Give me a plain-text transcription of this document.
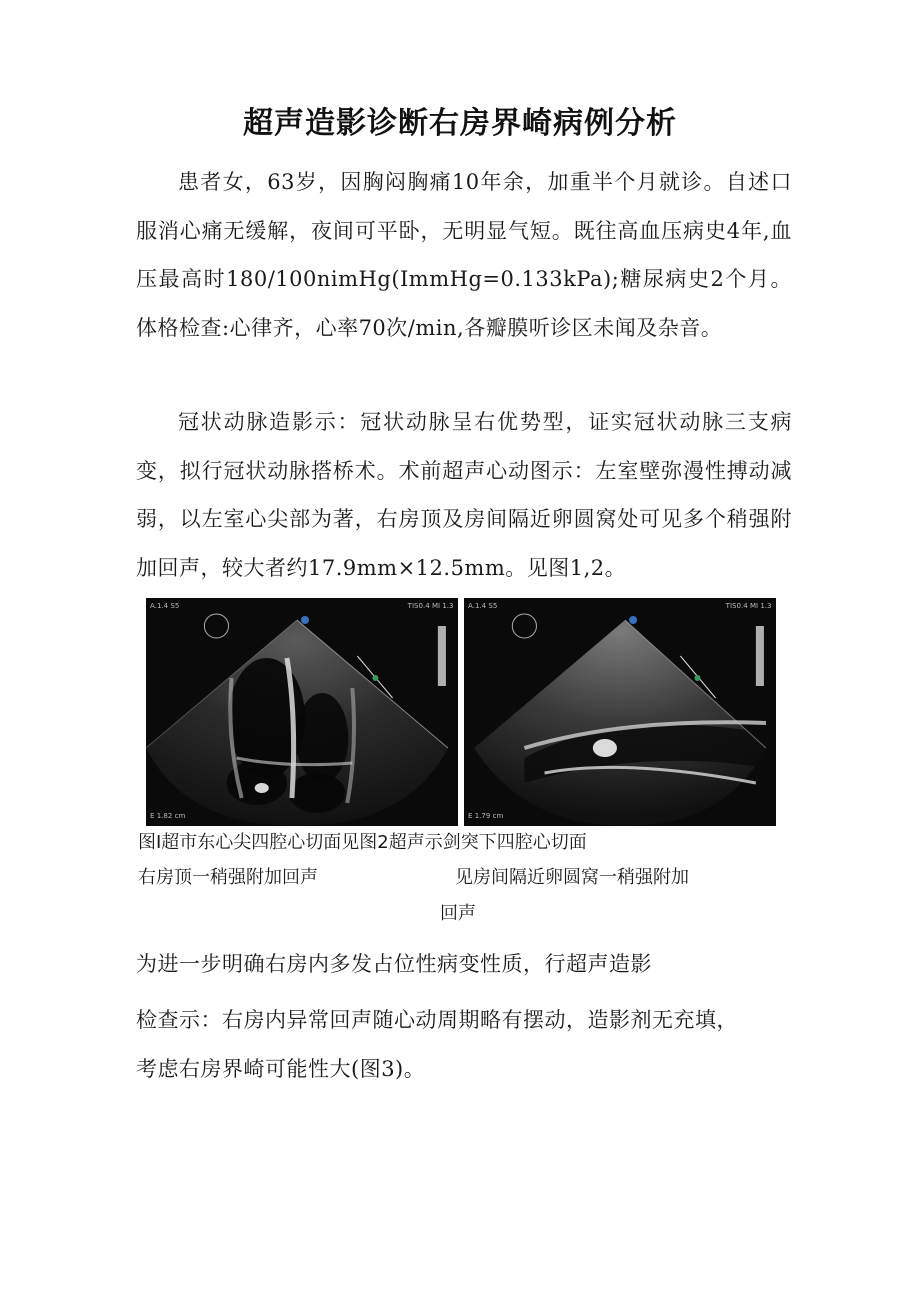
超声造影诊断右房界崎病例分析

患者女，63岁，因胸闷胸痛10年余，加重半个月就诊。自述口服消心痛无缓解，夜间可平卧，无明显气短。既往高血压病史4年,血压最高时180/100nimHg(ImmHg=0.133kPa);糖尿病史2个月。体格检查:心律齐，心率70次/min,各瓣膜听诊区未闻及杂音。

冠状动脉造影示：冠状动脉呈右优势型，证实冠状动脉三支病变，拟行冠状动脉搭桥术。术前超声心动图示：左室壁弥漫性搏动减弱，以左室心尖部为著，右房顶及房间隔近卵圆窝处可见多个稍强附加回声，较大者约17.9mm×12.5mm。见图1,2。

A.1.4 S5	TIS0.4 MI 1.3
E 1.82 cm
A.1.4 S5	TIS0.4 MI 1.3
E 1.79 cm

图I超市东心尖四腔心切面见图2超声示剑突下四腔心切面

右房顶一稍强附加回声	见房间隔近卵圆窝一稍强附加

回声

为进一步明确右房内多发占位性病变性质，行超声造影

检查示：右房内异常回声随心动周期略有摆动，造影剂无充填，

考虑右房界崎可能性大(图3)。
